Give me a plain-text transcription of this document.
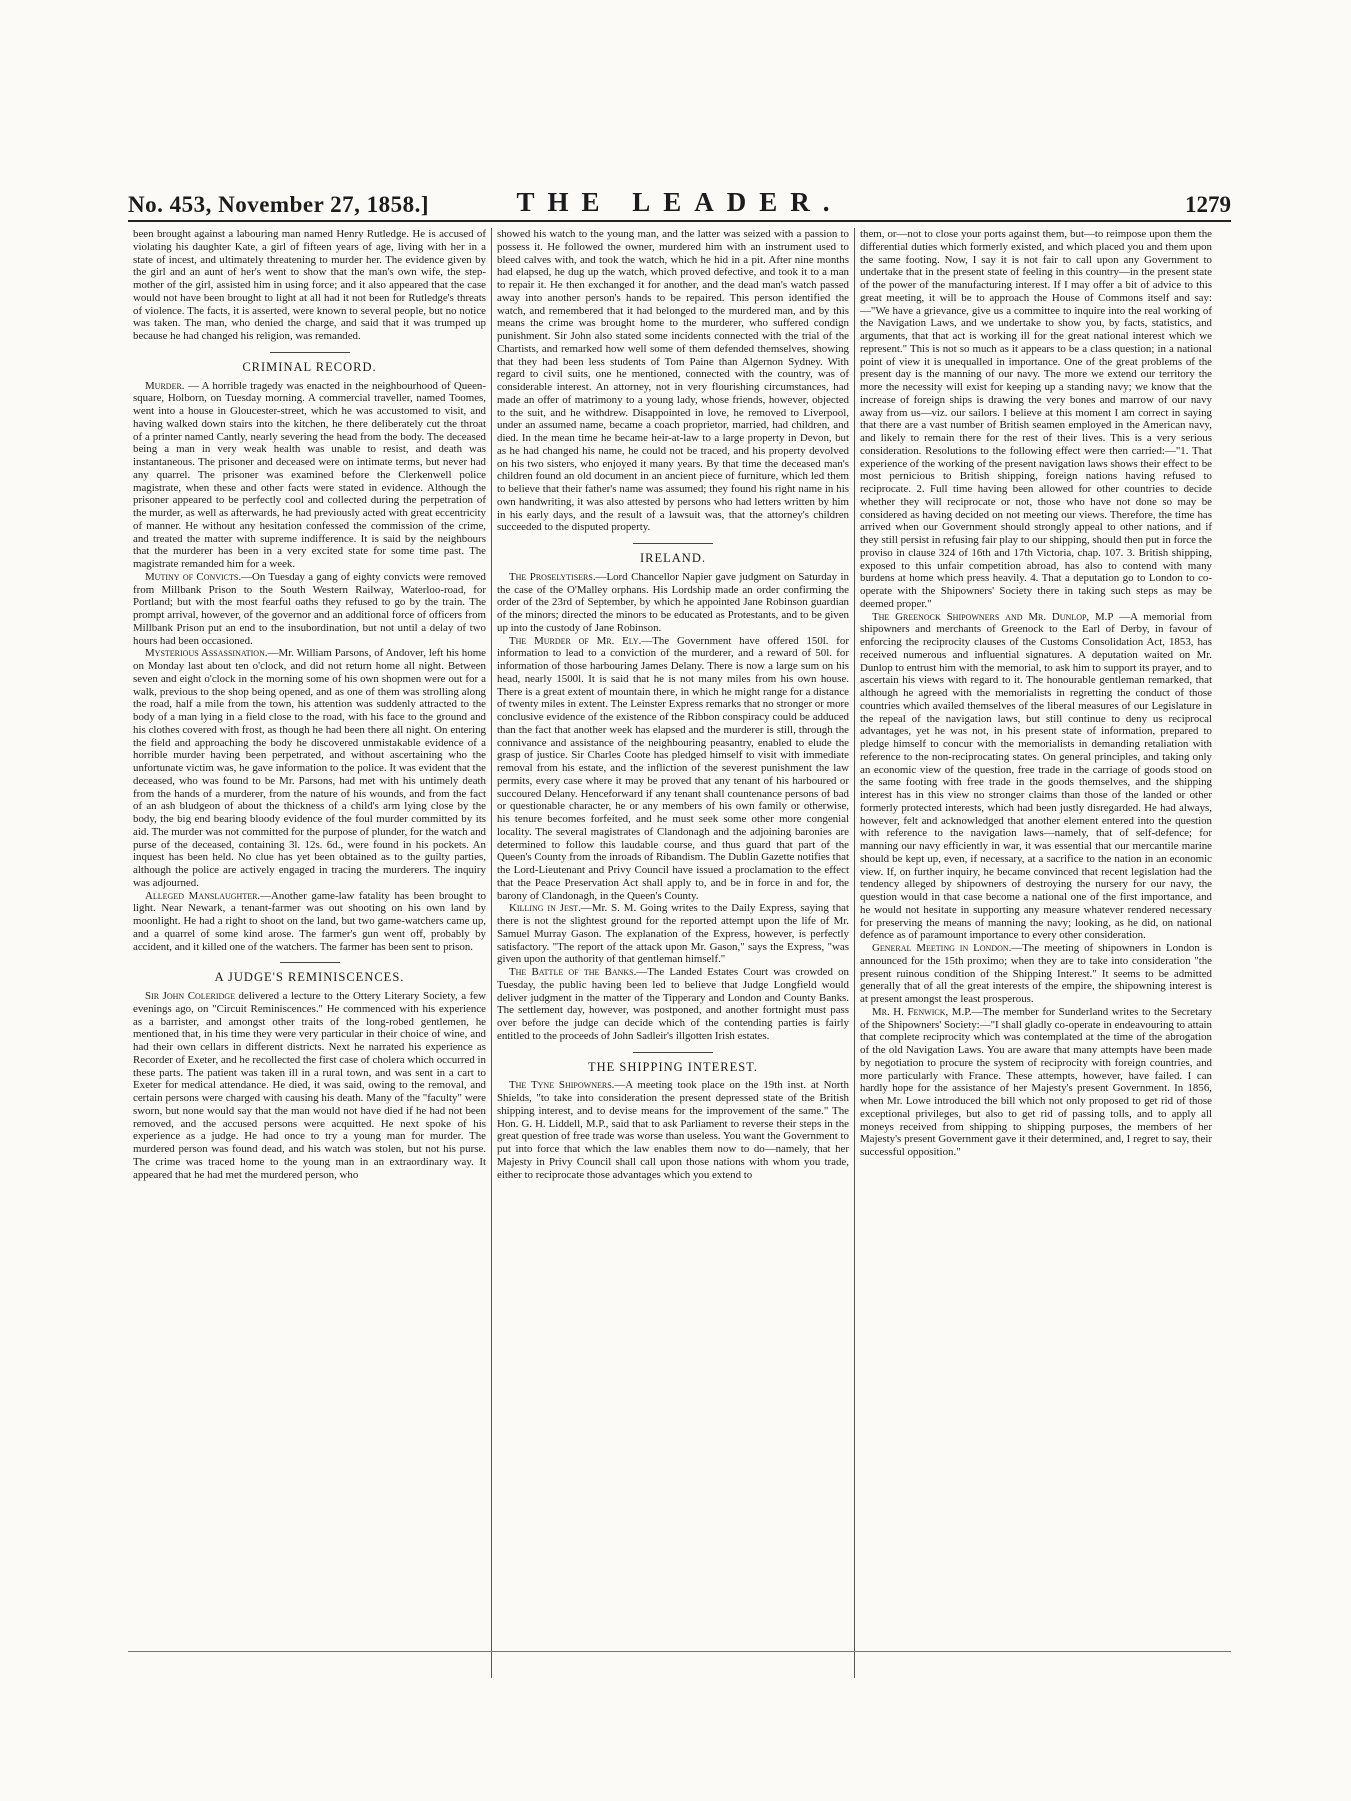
No. 453, November 27, 1858.]	THE LEADER.	1279

been brought against a labouring man named Henry Rutledge. He is accused of violating his daughter Kate, a girl of fifteen years of age, living with her in a state of incest, and ultimately threatening to murder her. The evidence given by the girl and an aunt of her's went to show that the man's own wife, the step-mother of the girl, assisted him in using force; and it also appeared that the case would not have been brought to light at all had it not been for Rutledge's threats of violence. The facts, it is asserted, were known to several people, but no notice was taken. The man, who denied the charge, and said that it was trumped up because he had changed his religion, was remanded.

CRIMINAL RECORD.

Murder. — A horrible tragedy was enacted in the neighbourhood of Queen-square, Holborn, on Tuesday morning. A commercial traveller, named Toomes, went into a house in Gloucester-street, which he was accustomed to visit, and having walked down stairs into the kitchen, he there deliberately cut the throat of a printer named Cantly, nearly severing the head from the body. The deceased being a man in very weak health was unable to resist, and death was instantaneous. The prisoner and deceased were on intimate terms, but never had any quarrel. The prisoner was examined before the Clerkenwell police magistrate, when these and other facts were stated in evidence. Although the prisoner appeared to be perfectly cool and collected during the perpetration of the murder, as well as afterwards, he had previously acted with great eccentricity of manner. He without any hesitation confessed the commission of the crime, and treated the matter with supreme indifference. It is said by the neighbours that the murderer has been in a very excited state for some time past. The magistrate remanded him for a week.

Mutiny of Convicts.—On Tuesday a gang of eighty convicts were removed from Millbank Prison to the South Western Railway, Waterloo-road, for Portland; but with the most fearful oaths they refused to go by the train. The prompt arrival, however, of the governor and an additional force of officers from Millbank Prison put an end to the insubordination, but not until a delay of two hours had been occasioned.

Mysterious Assassination.—Mr. William Parsons, of Andover, left his home on Monday last about ten o'clock, and did not return home all night. Between seven and eight o'clock in the morning some of his own shopmen were out for a walk, previous to the shop being opened, and as one of them was strolling along the road, half a mile from the town, his attention was suddenly attracted to the body of a man lying in a field close to the road, with his face to the ground and his clothes covered with frost, as though he had been there all night. On entering the field and approaching the body he discovered unmistakable evidence of a horrible murder having been perpetrated, and without ascertaining who the unfortunate victim was, he gave information to the police. It was evident that the deceased, who was found to be Mr. Parsons, had met with his untimely death from the hands of a murderer, from the nature of his wounds, and from the fact of an ash bludgeon of about the thickness of a child's arm lying close by the body, the big end bearing bloody evidence of the foul murder committed by its aid. The murder was not committed for the purpose of plunder, for the watch and purse of the deceased, containing 3l. 12s. 6d., were found in his pockets. An inquest has been held. No clue has yet been obtained as to the guilty parties, although the police are actively engaged in tracing the murderers. The inquiry was adjourned.

Alleged Manslaughter.—Another game-law fatality has been brought to light. Near Newark, a tenant-farmer was out shooting on his own land by moonlight. He had a right to shoot on the land, but two game-watchers came up, and a quarrel of some kind arose. The farmer's gun went off, probably by accident, and it killed one of the watchers. The farmer has been sent to prison.

A JUDGE'S REMINISCENCES.

Sir John Coleridge delivered a lecture to the Ottery Literary Society, a few evenings ago, on "Circuit Reminiscences." He commenced with his experience as a barrister, and amongst other traits of the long-robed gentlemen, he mentioned that, in his time they were very particular in their choice of wine, and had their own cellars in different districts. Next he narrated his experience as Recorder of Exeter, and he recollected the first case of cholera which occurred in these parts. The patient was taken ill in a rural town, and was sent in a cart to Exeter for medical attendance. He died, it was said, owing to the removal, and certain persons were charged with causing his death. Many of the "faculty" were sworn, but none would say that the man would not have died if he had not been removed, and the accused persons were acquitted. He next spoke of his experience as a judge. He had once to try a young man for murder. The murdered person was found dead, and his watch was stolen, but not his purse. The crime was traced home to the young man in an extraordinary way. It appeared that he had met the murdered person, who

showed his watch to the young man, and the latter was seized with a passion to possess it. He followed the owner, murdered him with an instrument used to bleed calves with, and took the watch, which he hid in a pit. After nine months had elapsed, he dug up the watch, which proved defective, and took it to a man to repair it. He then exchanged it for another, and the dead man's watch passed away into another person's hands to be repaired. This person identified the watch, and remembered that it had belonged to the murdered man, and by this means the crime was brought home to the murderer, who suffered condign punishment. Sir John also stated some incidents connected with the trial of the Chartists, and remarked how well some of them defended themselves, showing that they had been less students of Tom Paine than Algernon Sydney. With regard to civil suits, one he mentioned, connected with the country, was of considerable interest. An attorney, not in very flourishing circumstances, had made an offer of matrimony to a young lady, whose friends, however, objected to the suit, and he withdrew. Disappointed in love, he removed to Liverpool, under an assumed name, became a coach proprietor, married, had children, and died. In the mean time he became heir-at-law to a large property in Devon, but as he had changed his name, he could not be traced, and his property devolved on his two sisters, who enjoyed it many years. By that time the deceased man's children found an old document in an ancient piece of furniture, which led them to believe that their father's name was assumed; they found his right name in his own handwriting, it was also attested by persons who had letters written by him in his early days, and the result of a lawsuit was, that the attorney's children succeeded to the disputed property.

IRELAND.

The Proselytisers.—Lord Chancellor Napier gave judgment on Saturday in the case of the O'Malley orphans. His Lordship made an order confirming the order of the 23rd of September, by which he appointed Jane Robinson guardian of the minors; directed the minors to be educated as Protestants, and to be given up into the custody of Jane Robinson.

The Murder of Mr. Ely.—The Government have offered 150l. for information to lead to a conviction of the murderer, and a reward of 50l. for information of those harbouring James Delany. There is now a large sum on his head, nearly 1500l. It is said that he is not many miles from his own house. There is a great extent of mountain there, in which he might range for a distance of twenty miles in extent. The Leinster Express remarks that no stronger or more conclusive evidence of the existence of the Ribbon conspiracy could be adduced than the fact that another week has elapsed and the murderer is still, through the connivance and assistance of the neighbouring peasantry, enabled to elude the grasp of justice. Sir Charles Coote has pledged himself to visit with immediate removal from his estate, and the infliction of the severest punishment the law permits, every case where it may be proved that any tenant of his harboured or succoured Delany. Henceforward if any tenant shall countenance persons of bad or questionable character, he or any members of his own family or otherwise, his tenure becomes forfeited, and he must seek some other more congenial locality. The several magistrates of Clandonagh and the adjoining baronies are determined to follow this laudable course, and thus guard that part of the Queen's County from the inroads of Ribandism. The Dublin Gazette notifies that the Lord-Lieutenant and Privy Council have issued a proclamation to the effect that the Peace Preservation Act shall apply to, and be in force in and for, the barony of Clandonagh, in the Queen's County.

Killing in Jest.—Mr. S. M. Going writes to the Daily Express, saying that there is not the slightest ground for the reported attempt upon the life of Mr. Samuel Murray Gason. The explanation of the Express, however, is perfectly satisfactory. "The report of the attack upon Mr. Gason," says the Express, "was given upon the authority of that gentleman himself."

The Battle of the Banks.—The Landed Estates Court was crowded on Tuesday, the public having been led to believe that Judge Longfield would deliver judgment in the matter of the Tipperary and London and County Banks. The settlement day, however, was postponed, and another fortnight must pass over before the judge can decide which of the contending parties is fairly entitled to the proceeds of John Sadleir's illgotten Irish estates.

THE SHIPPING INTEREST.

The Tyne Shipowners.—A meeting took place on the 19th inst. at North Shields, "to take into consideration the present depressed state of the British shipping interest, and to devise means for the improvement of the same." The Hon. G. H. Liddell, M.P., said that to ask Parliament to reverse their steps in the great question of free trade was worse than useless. You want the Government to put into force that which the law enables them now to do—namely, that her Majesty in Privy Council shall call upon those nations with whom you trade, either to reciprocate those advantages which you extend to

them, or—not to close your ports against them, but—to reimpose upon them the differential duties which formerly existed, and which placed you and them upon the same footing. Now, I say it is not fair to call upon any Government to undertake that in the present state of feeling in this country—in the present state of the power of the manufacturing interest. If I may offer a bit of advice to this great meeting, it will be to approach the House of Commons itself and say:—"We have a grievance, give us a committee to inquire into the real working of the Navigation Laws, and we undertake to show you, by facts, statistics, and arguments, that that act is working ill for the great national interest which we represent." This is not so much as it appears to be a class question; in a national point of view it is unequalled in importance. One of the great problems of the present day is the manning of our navy. The more we extend our territory the more the necessity will exist for keeping up a standing navy; we know that the increase of foreign ships is drawing the very bones and marrow of our navy away from us—viz. our sailors. I believe at this moment I am correct in saying that there are a vast number of British seamen employed in the American navy, and likely to remain there for the rest of their lives. This is a very serious consideration. Resolutions to the following effect were then carried:—"1. That experience of the working of the present navigation laws shows their effect to be most pernicious to British shipping, foreign nations having refused to reciprocate. 2. Full time having been allowed for other countries to decide whether they will reciprocate or not, those who have not done so may be considered as having decided on not meeting our views. Therefore, the time has arrived when our Government should strongly appeal to other nations, and if they still persist in refusing fair play to our shipping, should then put in force the proviso in clause 324 of 16th and 17th Victoria, chap. 107. 3. British shipping, exposed to this unfair competition abroad, has also to contend with many burdens at home which press heavily. 4. That a deputation go to London to co-operate with the Shipowners' Society there in taking such steps as may be deemed proper."

The Greenock Shipowners and Mr. Dunlop, M.P —A memorial from shipowners and merchants of Greenock to the Earl of Derby, in favour of enforcing the reciprocity clauses of the Customs Consolidation Act, 1853, has received numerous and influential signatures. A deputation waited on Mr. Dunlop to entrust him with the memorial, to ask him to support its prayer, and to ascertain his views with regard to it. The honourable gentleman remarked, that although he agreed with the memorialists in regretting the conduct of those countries which availed themselves of the liberal measures of our Legislature in the repeal of the navigation laws, but still continue to deny us reciprocal advantages, yet he was not, in his present state of information, prepared to pledge himself to concur with the memorialists in demanding retaliation with reference to the non-reciprocating states. On general principles, and taking only an economic view of the question, free trade in the carriage of goods stood on the same footing with free trade in the goods themselves, and the shipping interest has in this view no stronger claims than those of the landed or other formerly protected interests, which had been justly disregarded. He had always, however, felt and acknowledged that another element entered into the question with reference to the navigation laws—namely, that of self-defence; for manning our navy efficiently in war, it was essential that our mercantile marine should be kept up, even, if necessary, at a sacrifice to the nation in an economic view. If, on further inquiry, he became convinced that recent legislation had the tendency alleged by shipowners of destroying the nursery for our navy, the question would in that case become a national one of the first importance, and he would not hesitate in supporting any measure whatever rendered necessary for preserving the means of manning the navy; looking, as he did, on national defence as of paramount importance to every other consideration.

General Meeting in London.—The meeting of shipowners in London is announced for the 15th proximo; when they are to take into consideration "the present ruinous condition of the Shipping Interest." It seems to be admitted generally that of all the great interests of the empire, the shipowning interest is at present amongst the least prosperous.

Mr. H. Fenwick, M.P.—The member for Sunderland writes to the Secretary of the Shipowners' Society:—"I shall gladly co-operate in endeavouring to attain that complete reciprocity which was contemplated at the time of the abrogation of the old Navigation Laws. You are aware that many attempts have been made by negotiation to procure the system of reciprocity with foreign countries, and more particularly with France. These attempts, however, have failed. I can hardly hope for the assistance of her Majesty's present Government. In 1856, when Mr. Lowe introduced the bill which not only proposed to get rid of those exceptional privileges, but also to get rid of passing tolls, and to apply all moneys received from shipping to shipping purposes, the members of her Majesty's present Government gave it their determined, and, I regret to say, their successful opposition."
